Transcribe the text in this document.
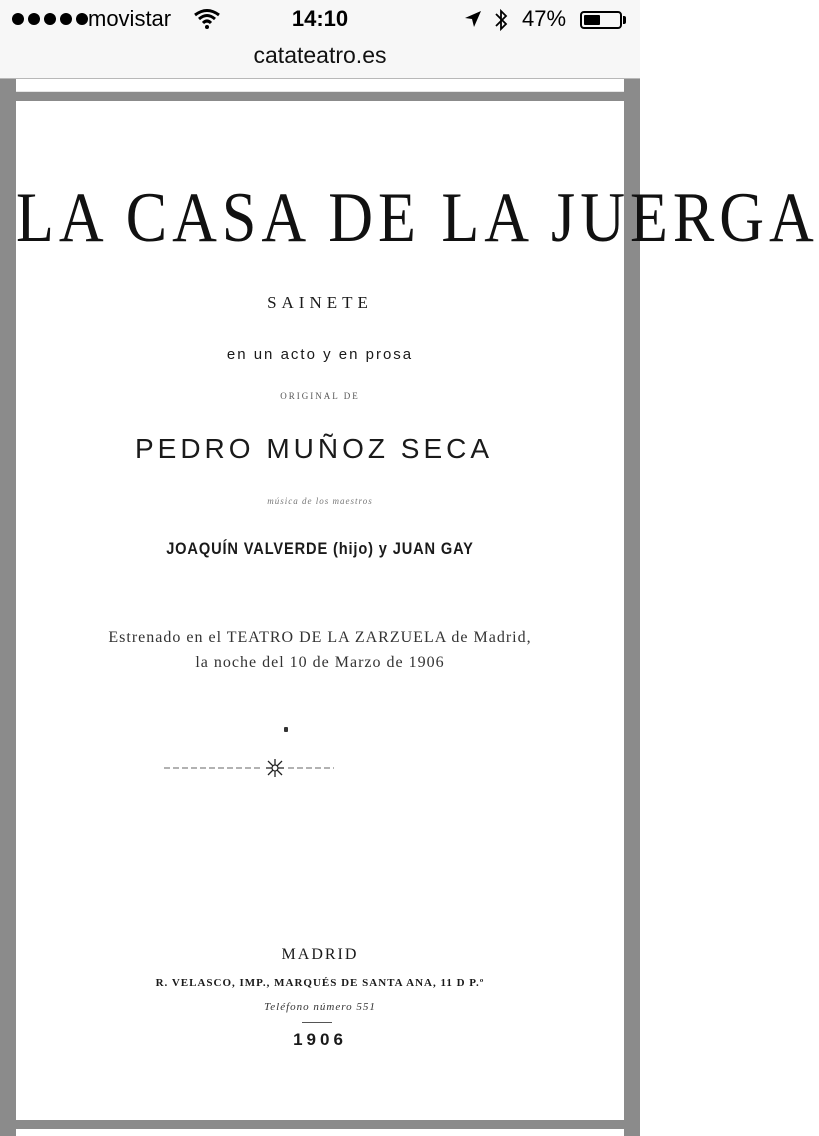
movistar	14:10	47%
catateatro.es
LA CASA DE LA JUERGA
SAINETE
en un acto y en prosa
ORIGINAL DE
PEDRO MUÑOZ SECA
música de los maestros
JOAQUÍN VALVERDE (hijo) y JUAN GAY
Estrenado en el TEATRO DE LA ZARZUELA de Madrid,
la noche del 10 de Marzo de 1906
MADRID
R. VELASCO, IMP., MARQUÉS DE SANTA ANA, 11 D P.º
Teléfono número 551
1906
